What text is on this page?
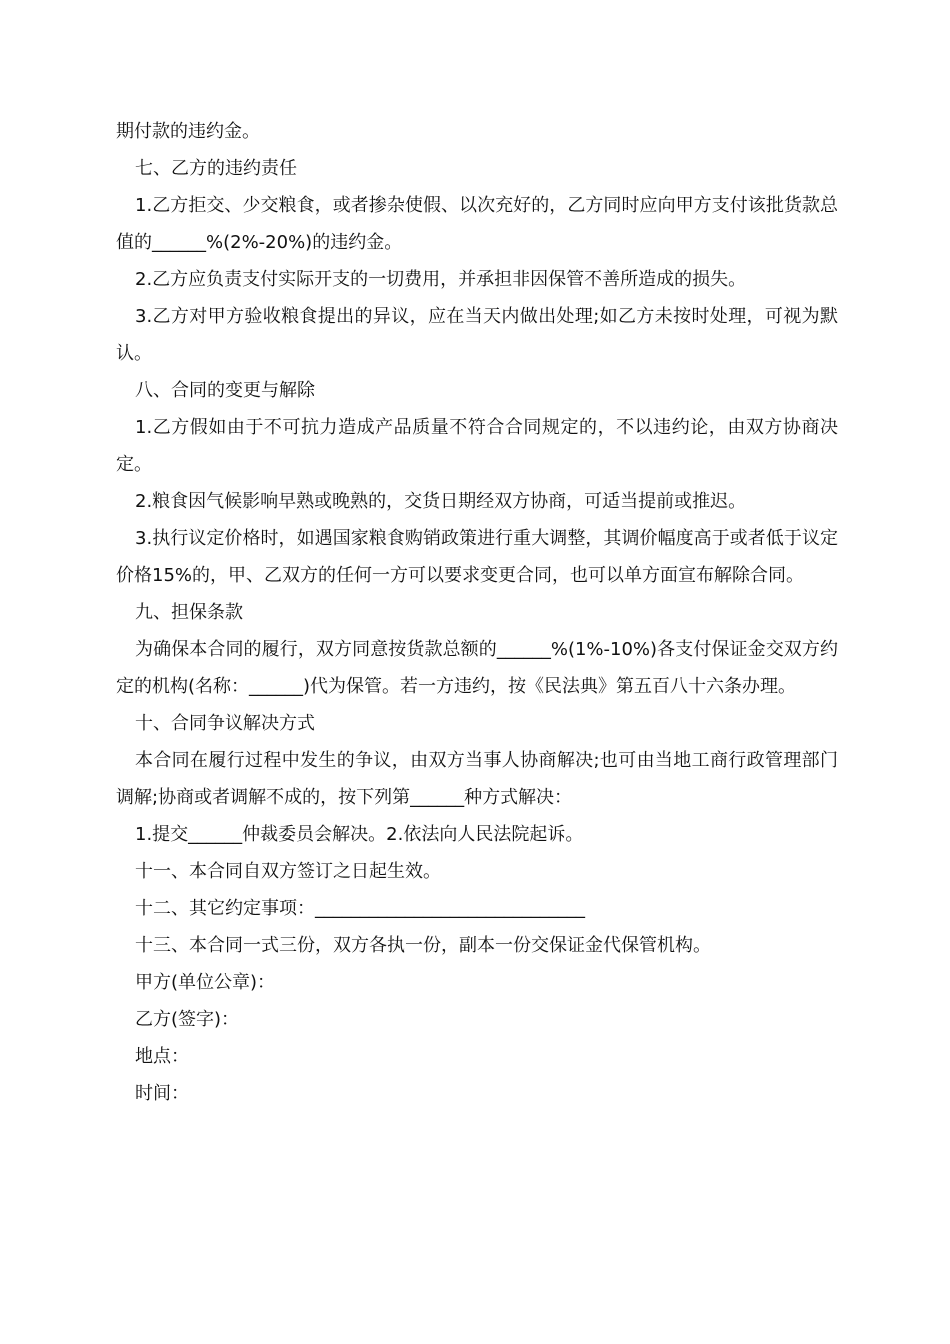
期付款的违约金。

七、乙方的违约责任

1.乙方拒交、少交粮食，或者掺杂使假、以次充好的，乙方同时应向甲方支付该批货款总值的______%(2%-20%)的违约金。

2.乙方应负责支付实际开支的一切费用，并承担非因保管不善所造成的损失。

3.乙方对甲方验收粮食提出的异议，应在当天内做出处理;如乙方未按时处理，可视为默认。

八、合同的变更与解除

1.乙方假如由于不可抗力造成产品质量不符合合同规定的，不以违约论，由双方协商决定。

2.粮食因气候影响早熟或晚熟的，交货日期经双方协商，可适当提前或推迟。

3.执行议定价格时，如遇国家粮食购销政策进行重大调整，其调价幅度高于或者低于议定价格15%的，甲、乙双方的任何一方可以要求变更合同，也可以单方面宣布解除合同。

九、担保条款

为确保本合同的履行，双方同意按货款总额的______%(1%-10%)各支付保证金交双方约定的机构(名称：______)代为保管。若一方违约，按《民法典》第五百八十六条办理。

十、合同争议解决方式

本合同在履行过程中发生的争议，由双方当事人协商解决;也可由当地工商行政管理部门调解;协商或者调解不成的，按下列第______种方式解决：

1.提交______仲裁委员会解决。2.依法向人民法院起诉。

十一、本合同自双方签订之日起生效。

十二、其它约定事项：______________________________

十三、本合同一式三份，双方各执一份，副本一份交保证金代保管机构。

甲方(单位公章)：

乙方(签字)：

地点：

时间：
